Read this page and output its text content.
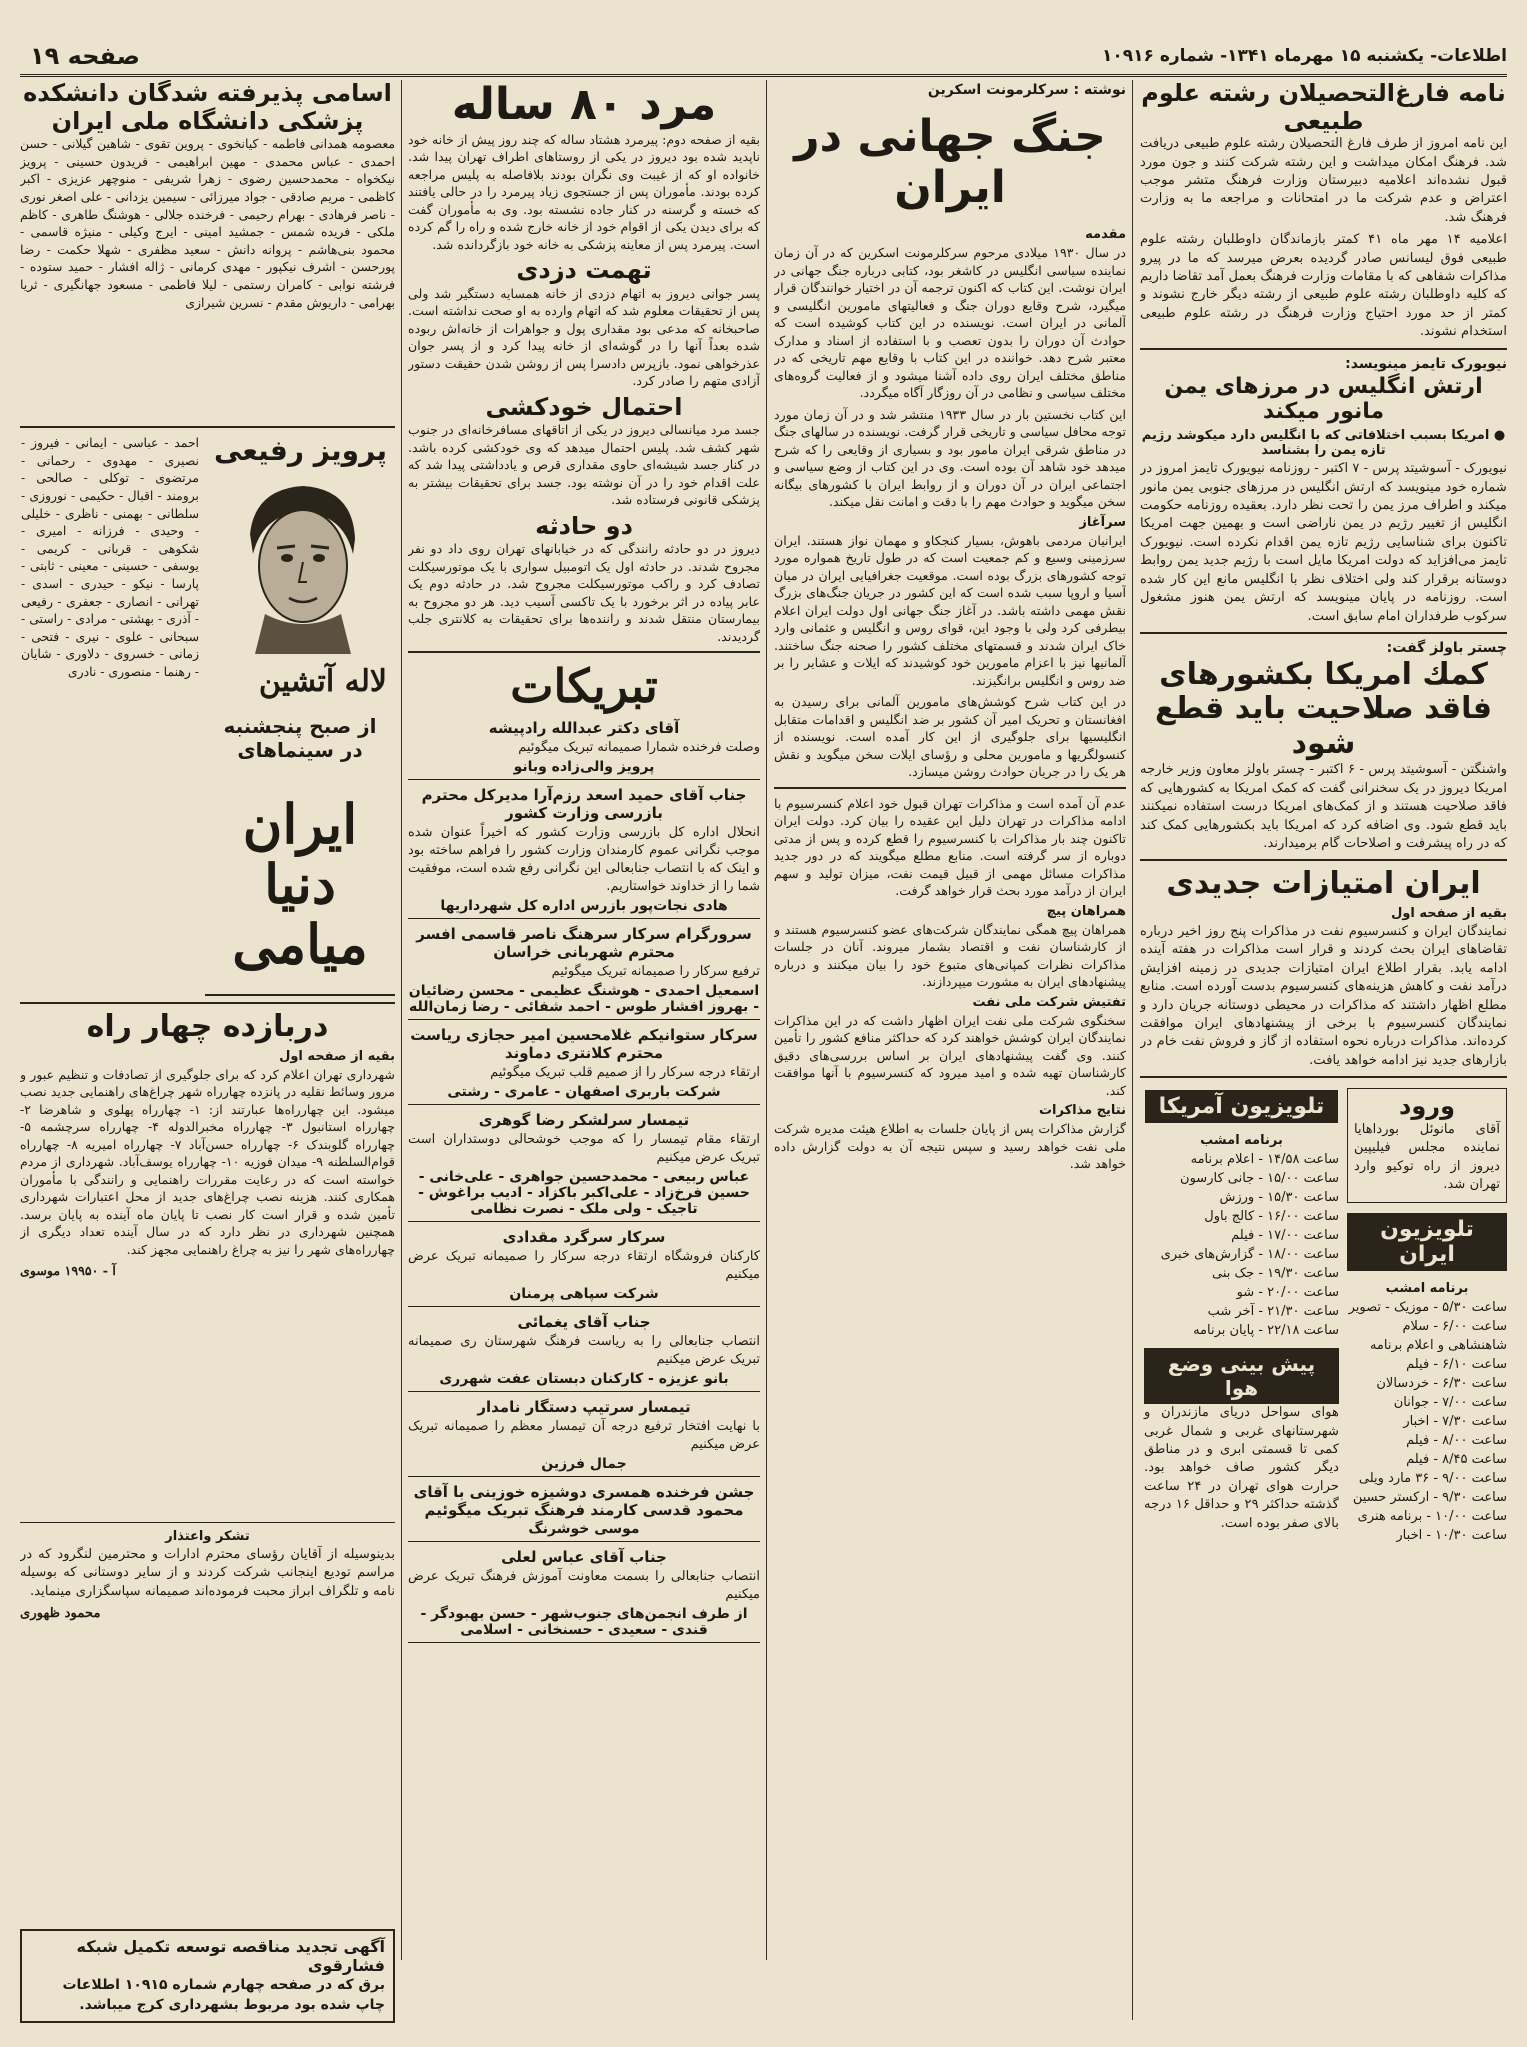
اطلاعات- یکشنبه ۱۵ مهرماه ۱۳۴۱- شماره ۱۰۹۱۶
صفحه ۱۹
نامه فارغ‌التحصیلان رشته علوم طبیعی

این نامه امروز از طرف فارغ التحصیلان رشته علوم طبیعی دریافت شد. فرهنگ امکان میداشت و این رشته شرکت کنند و جون مورد قبول نشده‌اند اعلامیه دبیرستان وزارت فرهنگ متشر موجب اعتراض و عدم شرکت ما در امتحانات و مراجعه ما به وزارت فرهنگ شد.

اعلامیه ۱۴ مهر ماه ۴۱ کمتر بازماندگان داوطلبان رشته علوم طبیعی فوق لیسانس صادر گردیده بعرض میرسد که ما در پیرو مذاکرات شفاهی که با مقامات وزارت فرهنگ بعمل آمد تقاضا داریم که کلیه داوطلبان رشته علوم طبیعی از رشته دیگر خارج نشوند و کمتر از حد مورد احتیاج وزارت فرهنگ در رشته علوم طبیعی استخدام نشوند.

نیویورک تایمز مینویسد:
ارتش انگلیس در مرزهای یمن مانور میکند
● امریکا بسبب اختلافاتی که با انگلیس دارد میکوشد رژیم تازه یمن را بشناسد

نیویورک - آسوشیتد پرس - ۷ اکتبر - روزنامه نیویورک تایمز امروز در شماره خود مینویسد که ارتش انگلیس در مرزهای جنوبی یمن مانور میکند و اطراف مرز یمن را تحت نظر دارد. بعقیده روزنامه حکومت انگلیس از تغییر رژیم در یمن ناراضی است و بهمین جهت امریکا تاکنون برای شناسایی رژیم تازه یمن اقدام نکرده است. نیویورک تایمز می‌افزاید که دولت امریکا مایل است با رژیم جدید یمن روابط دوستانه برقرار کند ولی اختلاف نظر با انگلیس مانع این کار شده است. روزنامه در پایان مینویسد که ارتش یمن هنوز مشغول سرکوب طرفداران امام سابق است.

چستر باولز گفت:
کمك امریکا بکشورهای
فاقد صلاحیت باید قطع شود

واشنگتن - آسوشیتد پرس - ۶ اکتبر - چستر باولز معاون وزیر خارجه امریکا دیروز در یک سخنرانی گفت که کمک امریکا به کشورهایی که فاقد صلاحیت هستند و از کمک‌های امریکا درست استفاده نمیکنند باید قطع شود. وی اضافه کرد که امریکا باید بکشورهایی کمک کند که در راه پیشرفت و اصلاحات گام برمیدارند.

ایران امتیازات جدیدی
بقیه از صفحه اول

نمایندگان ایران و کنسرسیوم نفت در مذاکرات پنج روز اخیر درباره تقاضاهای ایران بحث کردند و قرار است مذاکرات در هفته آینده ادامه یابد. بقرار اطلاع ایران امتیازات جدیدی در زمینه افزایش درآمد نفت و کاهش هزینه‌های کنسرسیوم بدست آورده است. منابع مطلع اظهار داشتند که مذاکرات در محیطی دوستانه جریان دارد و نمایندگان کنسرسیوم با برخی از پیشنهادهای ایران موافقت کرده‌اند. مذاکرات درباره نحوه استفاده از گاز و فروش نفت خام در بازارهای جدید نیز ادامه خواهد یافت.

ورود

آقای مانوئل بورداهایا نماینده مجلس فیلیپین دیروز از راه توکیو وارد تهران شد.

تلویزیون ایران
برنامه امشب
ساعت ۵/۳۰ - موزیک - تصویر
ساعت ۶/۰۰ - سلام شاهنشاهی و اعلام برنامه
ساعت ۶/۱۰ - فیلم
ساعت ۶/۳۰ - خردسالان
ساعت ۷/۰۰ - جوانان
ساعت ۷/۳۰ - اخبار
ساعت ۸/۰۰ - فیلم
ساعت ۸/۴۵ - فیلم
ساعت ۹/۰۰ - ۳۶ مارد ویلی
ساعت ۹/۳۰ - ارکستر حسین
ساعت ۱۰/۰۰ - برنامه هنری
ساعت ۱۰/۳۰ - اخبار
تلویزیون آمریکا
برنامه امشب
ساعت ۱۴/۵۸ - اعلام برنامه
ساعت ۱۵/۰۰ - جانی کارسون
ساعت ۱۵/۳۰ - ورزش
ساعت ۱۶/۰۰ - کالج باول
ساعت ۱۷/۰۰ - فیلم
ساعت ۱۸/۰۰ - گزارش‌های خبری
ساعت ۱۹/۳۰ - جک بنی
ساعت ۲۰/۰۰ - شو
ساعت ۲۱/۳۰ - آخر شب
ساعت ۲۲/۱۸ - پایان برنامه
پیش بینی وضع هوا

هوای سواحل دریای مازندران و شهرستانهای غربی و شمال غربی کمی تا قسمتی ابری و در مناطق دیگر کشور صاف خواهد بود. حرارت هوای تهران در ۲۴ ساعت گذشته حداکثر ۲۹ و حداقل ۱۶ درجه بالای صفر بوده است.

نوشته : سرکلرمونت اسکرین
جنگ جهانی در ایران
مقدمه

در سال ۱۹۳۰ میلادی مرحوم سرکلرمونت اسکرین که در آن زمان نماینده سیاسی انگلیس در کاشغر بود، کتابی درباره جنگ جهانی در ایران نوشت. این کتاب که اکنون ترجمه آن در اختیار خوانندگان قرار میگیرد، شرح وقایع دوران جنگ و فعالیتهای مامورین انگلیسی و آلمانی در ایران است. نویسنده در این کتاب کوشیده است که حوادث آن دوران را بدون تعصب و با استفاده از اسناد و مدارک معتبر شرح دهد. خواننده در این کتاب با وقایع مهم تاریخی که در مناطق مختلف ایران روی داده آشنا میشود و از فعالیت گروه‌های مختلف سیاسی و نظامی در آن روزگار آگاه میگردد.

این کتاب نخستین بار در سال ۱۹۳۳ منتشر شد و در آن زمان مورد توجه محافل سیاسی و تاریخی قرار گرفت. نویسنده در سالهای جنگ در مناطق شرقی ایران مامور بود و بسیاری از وقایعی را که شرح میدهد خود شاهد آن بوده است. وی در این کتاب از وضع سیاسی و اجتماعی ایران در آن دوران و از روابط ایران با کشورهای بیگانه سخن میگوید و حوادث مهم را با دقت و امانت نقل میکند.

سرآغاز

ایرانیان مردمی باهوش، بسیار کنجکاو و مهمان نواز هستند. ایران سرزمینی وسیع و کم جمعیت است که در طول تاریخ همواره مورد توجه کشورهای بزرگ بوده است. موقعیت جغرافیایی ایران در میان آسیا و اروپا سبب شده است که این کشور در جریان جنگ‌های بزرگ نقش مهمی داشته باشد. در آغاز جنگ جهانی اول دولت ایران اعلام بیطرفی کرد ولی با وجود این، قوای روس و انگلیس و عثمانی وارد خاک ایران شدند و قسمتهای مختلف کشور را صحنه جنگ ساختند. آلمانیها نیز با اعزام مامورین خود کوشیدند که ایلات و عشایر را بر ضد روس و انگلیس برانگیزند.

در این کتاب شرح کوشش‌های مامورین آلمانی برای رسیدن به افغانستان و تحریک امیر آن کشور بر ضد انگلیس و اقدامات متقابل انگلیسیها برای جلوگیری از این کار آمده است. نویسنده از کنسولگریها و مامورین محلی و رؤسای ایلات سخن میگوید و نقش هر یک را در جریان حوادث روشن میسازد.

عدم آن آمده است و مذاکرات تهران قبول خود اعلام کنسرسیوم با ادامه مذاکرات در تهران دلیل این عقیده را بیان کرد. دولت ایران تاکنون چند بار مذاکرات با کنسرسیوم را قطع کرده و پس از مدتی دوباره از سر گرفته است. منابع مطلع میگویند که در دور جدید مذاکرات مسائل مهمی از قبیل قیمت نفت، میزان تولید و سهم ایران از درآمد مورد بحث قرار خواهد گرفت.

همراهان پیچ

همراهان پیچ همگی نمایندگان شرکت‌های عضو کنسرسیوم هستند و از کارشناسان نفت و اقتصاد بشمار میروند. آنان در جلسات مذاکرات نظرات کمپانی‌های متبوع خود را بیان میکنند و درباره پیشنهادهای ایران به مشورت میپردازند.

تفتیش شرکت ملی نفت

سخنگوی شرکت ملی نفت ایران اظهار داشت که در این مذاکرات نمایندگان ایران کوشش خواهند کرد که حداکثر منافع کشور را تأمین کنند. وی گفت پیشنهادهای ایران بر اساس بررسی‌های دقیق کارشناسان تهیه شده و امید میرود که کنسرسیوم با آنها موافقت کند.

نتایج مذاکرات

گزارش مذاکرات پس از پایان جلسات به اطلاع هیئت مدیره شرکت ملی نفت خواهد رسید و سپس نتیجه آن به دولت گزارش داده خواهد شد.

مرد ۸۰ ساله

بقیه از صفحه دوم: پیرمرد هشتاد ساله که چند روز پیش از خانه خود ناپدید شده بود دیروز در یکی از روستاهای اطراف تهران پیدا شد. خانواده او که از غیبت وی نگران بودند بلافاصله به پلیس مراجعه کرده بودند. مأموران پس از جستجوی زیاد پیرمرد را در حالی یافتند که خسته و گرسنه در کنار جاده نشسته بود. وی به مأموران گفت که برای دیدن یکی از اقوام خود از خانه خارج شده و راه را گم کرده است. پیرمرد پس از معاینه پزشکی به خانه خود بازگردانده شد.

تهمت دزدی

پسر جوانی دیروز به اتهام دزدی از خانه همسایه دستگیر شد ولی پس از تحقیقات معلوم شد که اتهام وارده به او صحت نداشته است. صاحبخانه که مدعی بود مقداری پول و جواهرات از خانه‌اش ربوده شده بعداً آنها را در گوشه‌ای از خانه پیدا کرد و از پسر جوان عذرخواهی نمود. بازپرس دادسرا پس از روشن شدن حقیقت دستور آزادی متهم را صادر کرد.

احتمال خودکشی

جسد مرد میانسالی دیروز در یکی از اتاقهای مسافرخانه‌ای در جنوب شهر کشف شد. پلیس احتمال میدهد که وی خودکشی کرده باشد. در کنار جسد شیشه‌ای حاوی مقداری قرص و یادداشتی پیدا شد که علت اقدام خود را در آن نوشته بود. جسد برای تحقیقات بیشتر به پزشکی قانونی فرستاده شد.

دو حادثه

دیروز در دو حادثه رانندگی که در خیابانهای تهران روی داد دو نفر مجروح شدند. در حادثه اول یک اتومبیل سواری با یک موتورسیکلت تصادف کرد و راکب موتورسیکلت مجروح شد. در حادثه دوم یک عابر پیاده در اثر برخورد با یک تاکسی آسیب دید. هر دو مجروح به بیمارستان منتقل شدند و راننده‌ها برای تحقیقات به کلانتری جلب گردیدند.

تبریکات
آقای دکتر عبدالله رادپیشه
وصلت فرخنده شمارا صمیمانه تبریک میگوئیم
پرویز والی‌زاده وبانو
جناب آقای حمید اسعد رزم‌آرا مدیرکل محترم بازرسی وزارت کشور
انحلال اداره کل بازرسی وزارت کشور که اخیراً عنوان شده موجب نگرانی عموم کارمندان وزارت کشور را فراهم ساخته بود و اینک که با انتصاب جنابعالی این نگرانی رفع شده است، موفقیت شما را از خداوند خواستاریم.
هادی نجات‌پور بازرس اداره کل شهرداریها
سرورگرام سرکار سرهنگ ناصر قاسمی افسر محترم شهربانی خراسان
ترفیع سرکار را صمیمانه تبریک میگوئیم
اسمعیل احمدی - هوشنگ عظیمی - محسن رضائیان - بهروز افشار طوس - احمد شفائی - رضا زمان‌الله
سرکار ستوانیکم غلامحسین امیر حجازی ریاست محترم کلانتری دماوند
ارتقاء درجه سرکار را از صمیم قلب تبریک میگوئیم
شرکت باربری اصفهان - عامری - رشتی
تیمسار سرلشکر رضا گوهری
ارتقاء مقام تیمسار را که موجب خوشحالی دوستداران است تبریک عرض میکنیم
عباس ربیعی - محمدحسین جواهری - علی‌خانی - حسین فرخ‌زاد - علی‌اکبر باکزاد - ادیب براغوش - تاجیک - ولی ملک - نصرت نظامی
سرکار سرگرد مقدادی
کارکنان فروشگاه ارتقاء درجه سرکار را صمیمانه تبریک عرض میکنیم
شرکت سپاهی پرمنان
جناب آقای یغمائی
انتصاب جنابعالی را به ریاست فرهنگ شهرستان ری صمیمانه تبریک عرض میکنیم
بانو عزیزه - کارکنان دبستان عفت شهرری
تیمسار سرتیپ دستگار نامدار
با نهایت افتخار ترفیع درجه آن تیمسار معظم را صمیمانه تبریک عرض میکنیم
جمال فرزین
جشن فرخنده همسری دوشیزه خوزینی با آقای محمود قدسی کارمند فرهنگ تبریک میگوئیم
موسی خوشرنگ
جناب آقای عباس لعلی
انتصاب جنابعالی را بسمت معاونت آموزش فرهنگ تبریک عرض میکنیم
از طرف انجمن‌های جنوب‌شهر - حسن بهبودگر - قندی - سعیدی - حسنخانی - اسلامی
اسامی پذیرفته شدگان دانشکده پزشکی دانشگاه ملی ایران

معصومه همدانی فاطمه - کیانخوی - پروین تقوی - شاهین گیلانی - حسن احمدی - عباس محمدی - مهین ابراهیمی - فریدون حسینی - پرویز نیکخواه - محمدحسین رضوی - زهرا شریفی - منوچهر عزیزی - اکبر کاظمی - مریم صادقی - جواد میرزائی - سیمین یزدانی - علی اصغر نوری - ناصر فرهادی - بهرام رحیمی - فرخنده جلالی - هوشنگ طاهری - کاظم ملکی - فریده شمس - جمشید امینی - ایرج وکیلی - منیژه قاسمی - محمود بنی‌هاشم - پروانه دانش - سعید مظفری - شهلا حکمت - رضا پورحسن - اشرف نیکپور - مهدی کرمانی - ژاله افشار - حمید ستوده - فرشته نوابی - کامران رستمی - لیلا فاطمی - مسعود جهانگیری - ثریا بهرامی - داریوش مقدم - نسرین شیرازی

پرویز رفیعی
لاله آتشین
از صبح پنجشنبه در سینماهای
ایران
دنیا
میامی

احمد - عباسی - ایمانی - فیروز - نصیری - مهدوی - رحمانی - مرتضوی - توکلی - صالحی - برومند - اقبال - حکیمی - نوروزی - سلطانی - بهمنی - ناظری - خلیلی - وحیدی - فرزانه - امیری - شکوهی - قربانی - کریمی - یوسفی - حسینی - معینی - ثابتی - پارسا - نیکو - حیدری - اسدی - تهرانی - انصاری - جعفری - رفیعی - آذری - بهشتی - مرادی - راستی - سبحانی - علوی - نیری - فتحی - زمانی - خسروی - دلاوری - شایان - رهنما - منصوری - نادری

دربازده چهار راه
بقیه از صفحه اول

شهرداری تهران اعلام کرد که برای جلوگیری از تصادفات و تنظیم عبور و مرور وسائط نقلیه در پانزده چهارراه شهر چراغ‌های راهنمایی جدید نصب میشود. این چهارراه‌ها عبارتند از: ۱- چهارراه پهلوی و شاهرضا ۲- چهارراه استانبول ۳- چهارراه مخبرالدوله ۴- چهارراه سرچشمه ۵- چهارراه گلوبندک ۶- چهارراه حسن‌آباد ۷- چهارراه امیریه ۸- چهارراه قوام‌السلطنه ۹- میدان فوزیه ۱۰- چهارراه یوسف‌آباد. شهرداری از مردم خواسته است که در رعایت مقررات راهنمایی و رانندگی با مأموران همکاری کنند. هزینه نصب چراغ‌های جدید از محل اعتبارات شهرداری تأمین شده و قرار است کار نصب تا پایان ماه آینده به پایان برسد. همچنین شهرداری در نظر دارد که در سال آینده تعداد دیگری از چهارراه‌های شهر را نیز به چراغ راهنمایی مجهز کند.

آ - ۱۹۹۵۰ موسوی

تشکر واعتذار

بدینوسیله از آقایان رؤسای محترم ادارات و محترمین لنگرود که در مراسم تودیع اینجانب شرکت کردند و از سایر دوستانی که بوسیله نامه و تلگراف ابراز محبت فرموده‌اند صمیمانه سپاسگزاری مینماید.

محمود ظهوری

آگهی تجدید مناقصه توسعه تکمیل شبکه فشارقوی
برق که در صفحه چهارم شماره ۱۰۹۱۵ اطلاعات چاپ شده بود مربوط بشهرداری کرج میباشد.
